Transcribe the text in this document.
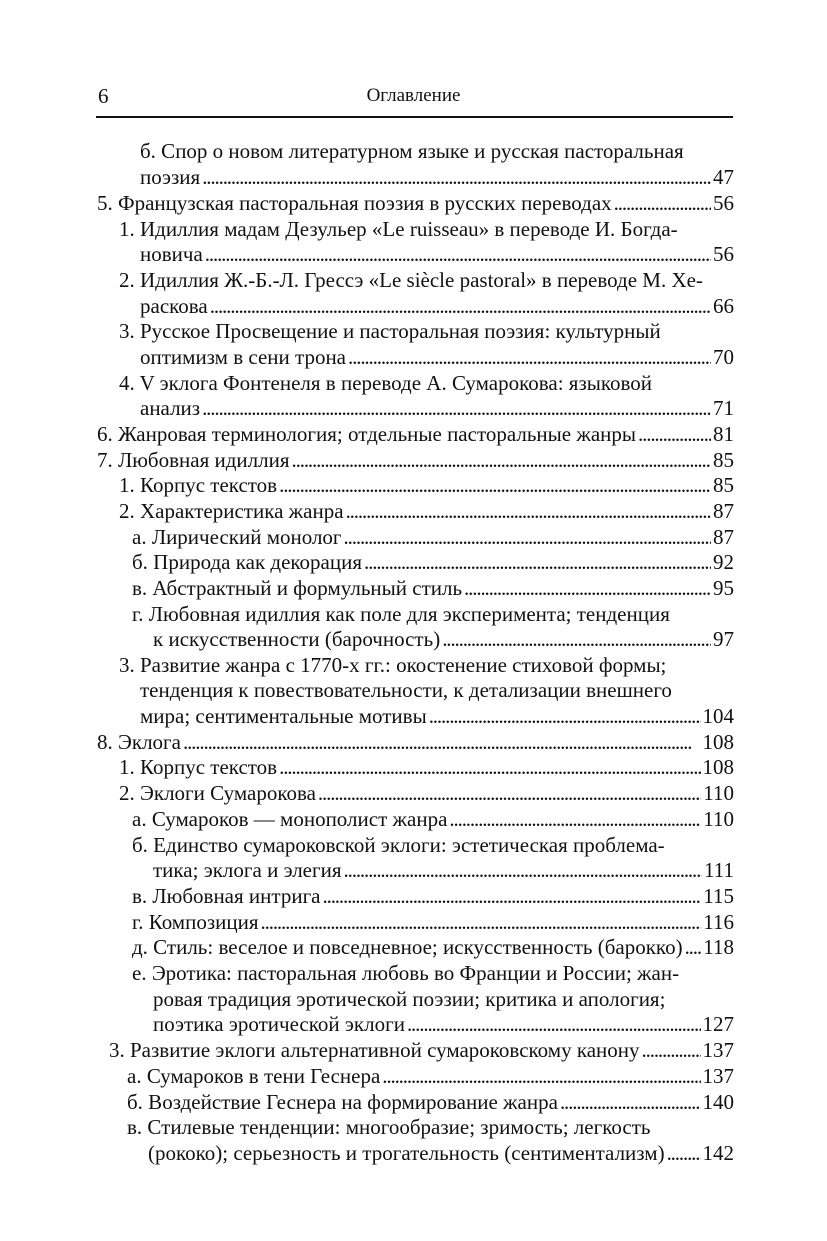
6	Оглавление
б. Спор о новом литературном языке и русская пасторальная
поэзия . . .	47
5. Французская пасторальная поэзия в русских переводах . . .	56
1. Идиллия мадам Дезульер «Le ruisseau» в переводе И. Богда-
новича . . .	56
2. Идиллия Ж.-Б.-Л. Грессэ «Le siècle pastoral» в переводе М. Хе-
раскова . . .	66
3. Русское Просвещение и пасторальная поэзия: культурный
оптимизм в сени трона . . .	70
4. V эклога Фонтенеля в переводе А. Сумарокова: языковой
анализ . . .	71
6. Жанровая терминология; отдельные пасторальные жанры . . .	81
7. Любовная идиллия . . .	85
1. Корпус текстов . . .	85
2. Характеристика жанра . . .	87
а. Лирический монолог . . .	87
б. Природа как декорация . . .	92
в. Абстрактный и формульный стиль . . .	95
г. Любовная идиллия как поле для эксперимента; тенденция
к искусственности (барочность) . . .	97
3. Развитие жанра с 1770-х гг.: окостенение стиховой формы;
тенденция к повествовательности, к детализации внешнего
мира; сентиментальные мотивы . . .	104
8. Эклога . . .	108
1. Корпус текстов . . .	108
2. Эклоги Сумарокова . . .	110
а. Сумароков — монополист жанра . . .	110
б. Единство сумароковской эклоги: эстетическая проблема-
тика; эклога и элегия . . .	111
в. Любовная интрига . . .	115
г. Композиция . . .	116
д. Стиль: веселое и повседневное; искусственность (барокко) . . . 118
е. Эротика: пасторальная любовь во Франции и России; жан-
ровая традиция эротической поэзии; критика и апология;
поэтика эротической эклоги . . .	127
3. Развитие эклоги альтернативной сумароковскому канону . . .	137
а. Сумароков в тени Геснера . . .	137
б. Воздействие Геснера на формирование жанра . . .	140
в. Стилевые тенденции: многообразие; зримость; легкость
(рококо); серьезность и трогательность (сентиментализм) . . . 142
